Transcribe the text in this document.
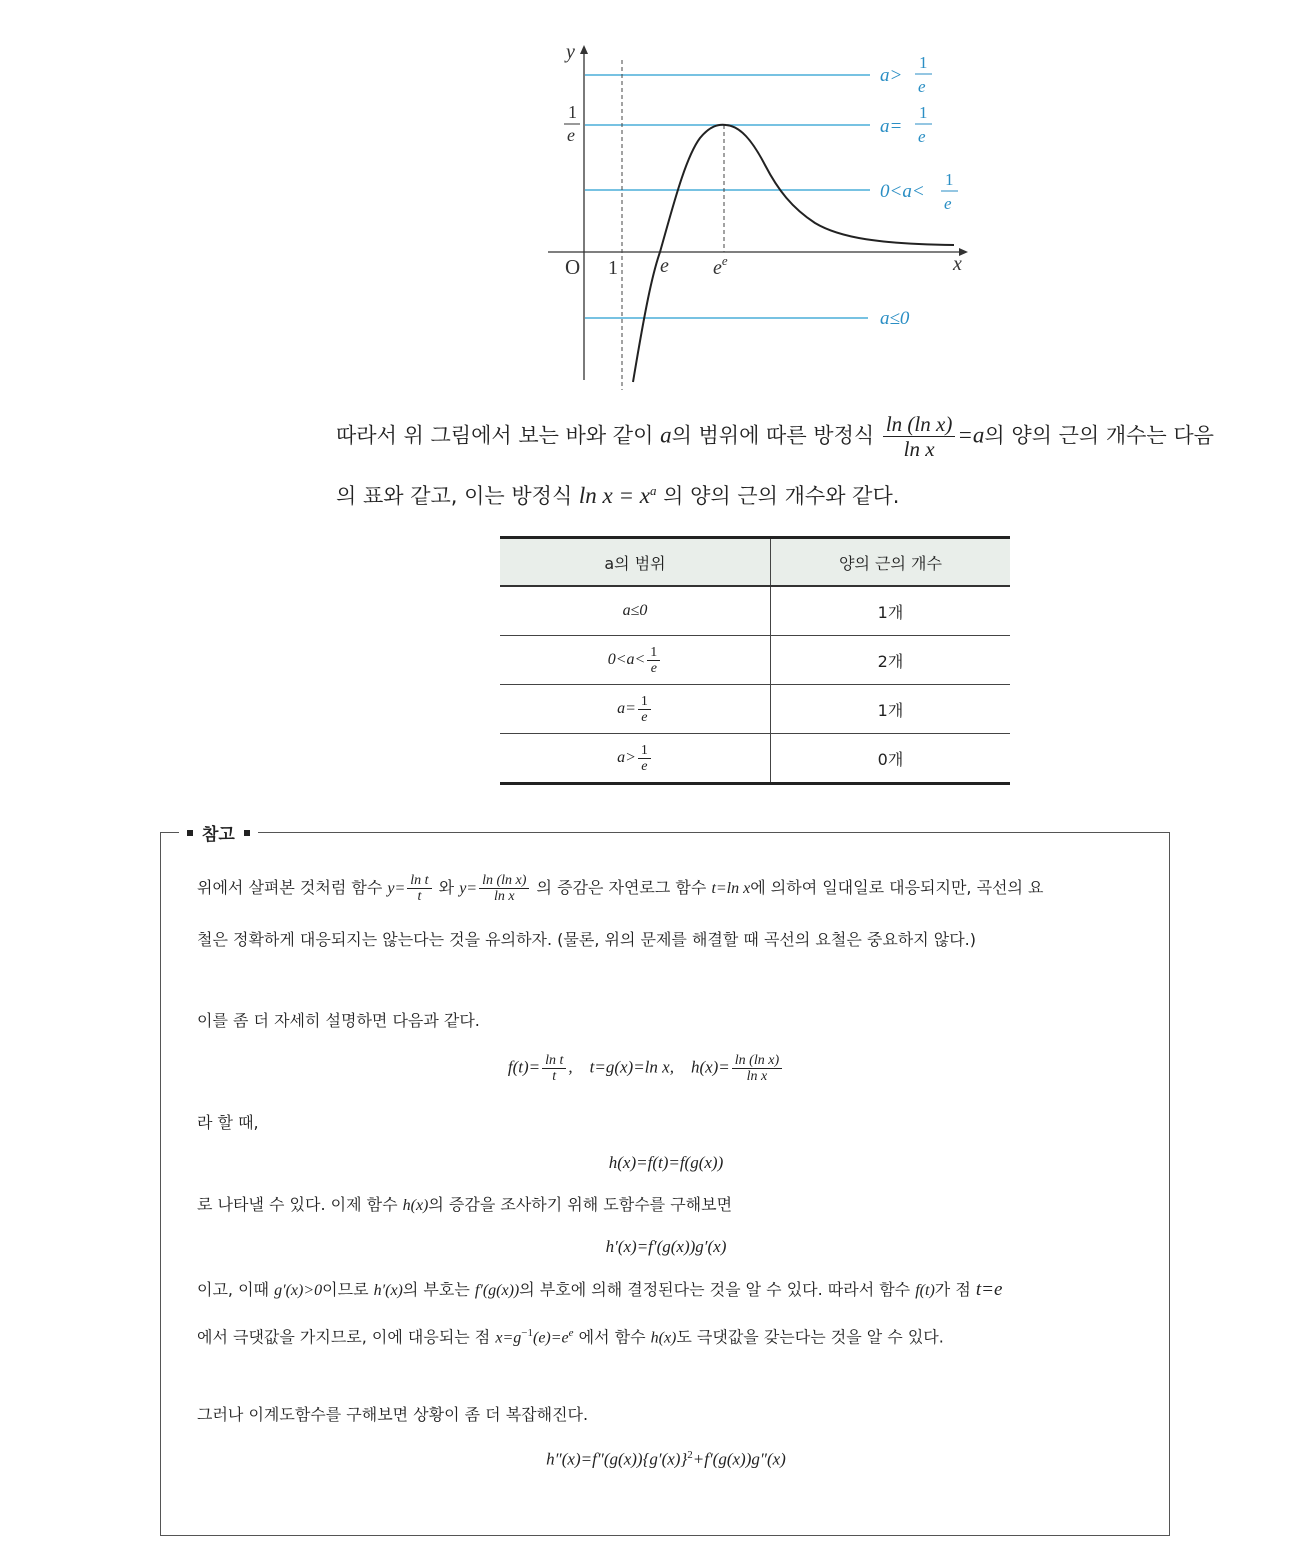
y
x
O 1 e $e^e$
1
e
a>
1
e
a=
1
e
0<a<
1
e
a≤0
따라서 위 그림에서 보는 바와 같이 a의 범위에 따른 방정식 $\frac{\text{ln (ln x)}}{\text{ln x}} =a$의 양의 근의 개수는 다음
의 표와 같고, 이는 방정식 $\ln x = x^a$ 의 양의 근의 개수와 같다.
a의 범위	양의 근의 개수
a≤0	1개
$0<a< \frac{1}{e}$	2개
$a= \frac{1}{e}$	1개
$a> \frac{1}{e}$	0개
참고
위에서 살펴본 것처럼 함수 $y= \frac{\text{ln t}}{t}$ 와 $y= \frac{\text{ln (ln x)}}{\text{ln x}}$ 의 증감은 자연로그 함수 t=ln x에 의하여 일대일로 대응되지만, 곡선의 요
철은 정확하게 대응되지는 않는다는 것을 유의하자. (물론, 위의 문제를 해결할 때 곡선의 요철은 중요하지 않다.)
이를 좀 더 자세히 설명하면 다음과 같다.
$f(t)= \frac{\text{ln t}}{t}$ ,    t=g(x)=ln x,    $h(x)= \frac{\text{ln (ln x)}}{\text{ln x}}$
라 할 때,
h(x)=f(t)=f(g(x))
로 나타낼 수 있다. 이제 함수 h(x)의 증감을 조사하기 위해 도함수를 구해보면
h′(x)=f′(g(x))g′(x)
이고, 이때 g′(x)>0이므로 h′(x)의 부호는 f′(g(x))의 부호에 의해 결정된다는 것을 알 수 있다. 따라서 함수 f(t)가 점 t=e
에서 극댓값을 가지므로, 이에 대응되는 점 $x=g^{-1}(e)=e^e$ 에서 함수 h(x)도 극댓값을 갖는다는 것을 알 수 있다.
그러나 이계도함수를 구해보면 상황이 좀 더 복잡해진다.
$h''(x)=f''(g(x))\{g'(x)\}^2+f'(g(x))g''(x)$
